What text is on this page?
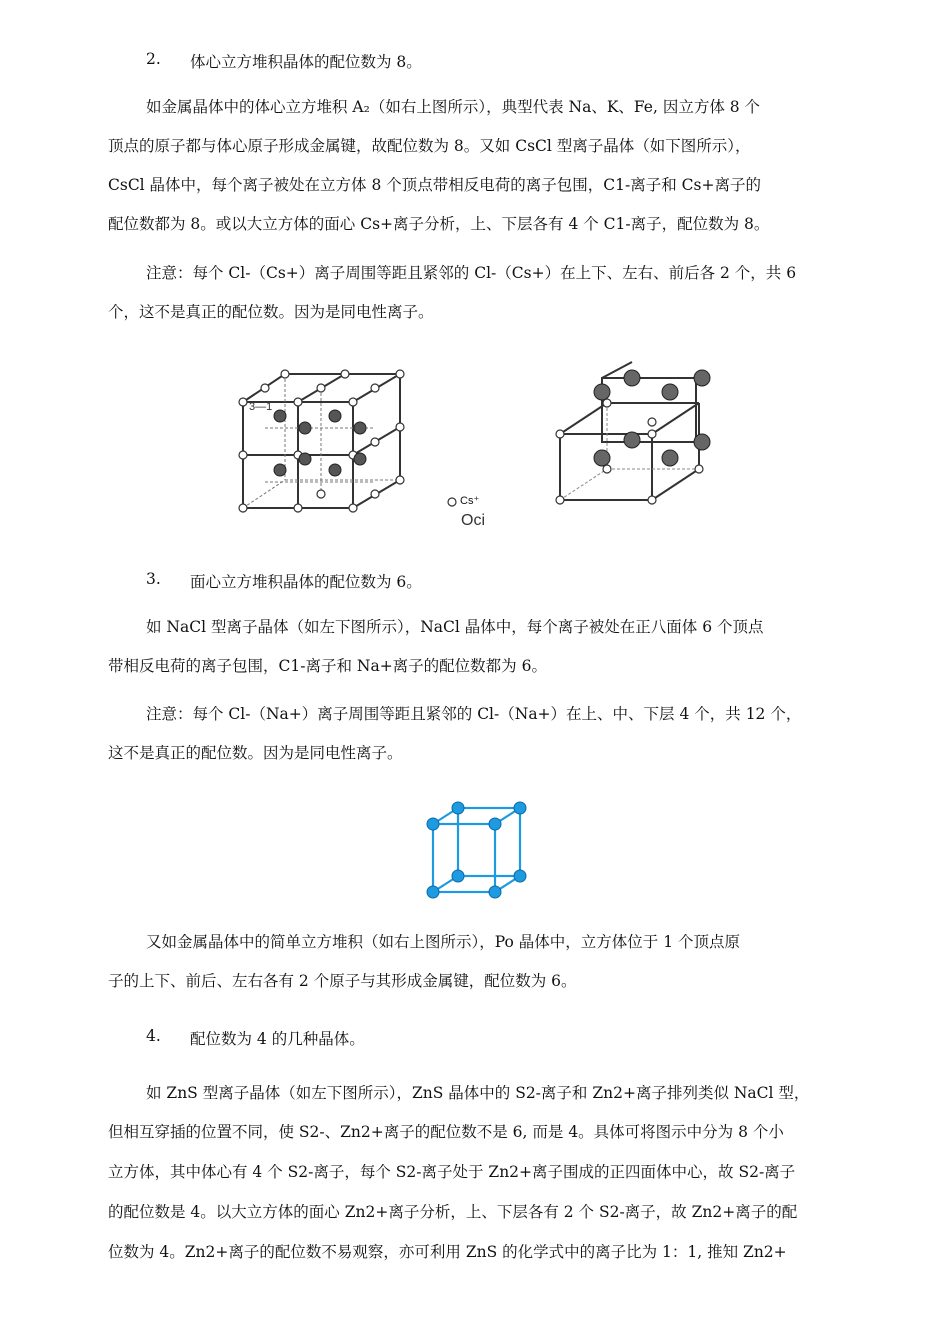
2. 体心立方堆积晶体的配位数为 8。
如金属晶体中的体心立方堆积 A₂（如右上图所示），典型代表 Na、K、Fe, 因立方体 8 个
顶点的原子都与体心原子形成金属键，故配位数为 8。又如 CsCl 型离子晶体（如下图所示），
CsCl 晶体中，每个离子被处在立方体 8 个顶点带相反电荷的离子包围，C1-离子和 Cs+离子的
配位数都为 8。或以大立方体的面心 Cs+离子分析，上、下层各有 4 个 C1-离子，配位数为 8。
注意：每个 Cl-（Cs+）离子周围等距且紧邻的 Cl-（Cs+）在上下、左右、前后各 2 个，共 6
个，这不是真正的配位数。因为是同电性离子。
3—1
Cs⁺
Oci
3. 面心立方堆积晶体的配位数为 6。
如 NaCl 型离子晶体（如左下图所示），NaCl 晶体中，每个离子被处在正八面体 6 个顶点
带相反电荷的离子包围，C1-离子和 Na+离子的配位数都为 6。
注意：每个 Cl-（Na+）离子周围等距且紧邻的 Cl-（Na+）在上、中、下层 4 个，共 12 个，
这不是真正的配位数。因为是同电性离子。
又如金属晶体中的简单立方堆积（如右上图所示），Po 晶体中，立方体位于 1 个顶点原
子的上下、前后、左右各有 2 个原子与其形成金属键，配位数为 6。
4. 配位数为 4 的几种晶体。
如 ZnS 型离子晶体（如左下图所示），ZnS 晶体中的 S2-离子和 Zn2+离子排列类似 NaCl 型，
但相互穿插的位置不同，使 S2-、Zn2+离子的配位数不是 6, 而是 4。具体可将图示中分为 8 个小
立方体，其中体心有 4 个 S2-离子，每个 S2-离子处于 Zn2+离子围成的正四面体中心，故 S2-离子
的配位数是 4。以大立方体的面心 Zn2+离子分析，上、下层各有 2 个 S2-离子，故 Zn2+离子的配
位数为 4。Zn2+离子的配位数不易观察，亦可利用 ZnS 的化学式中的离子比为 1：1, 推知 Zn2+
